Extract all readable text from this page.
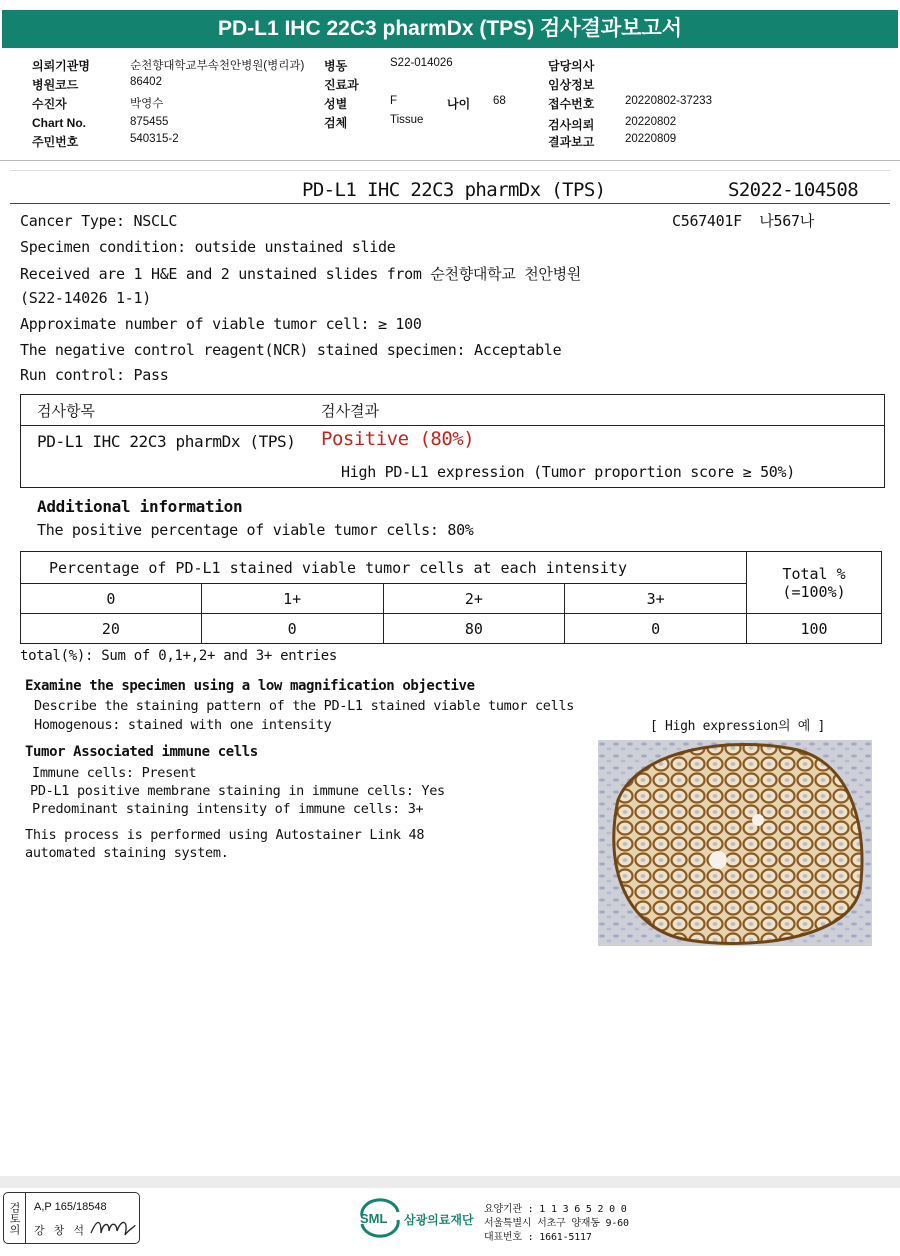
PD-L1 IHC 22C3 pharmDx (TPS) 검사결과보고서
의뢰기관명	순천향대학교부속천안병원(병리과) 병동	S22-014026	담당의사
병원코드	86402	진료과	임상정보
수진자	박영수	성별	F	나이 68	접수번호	20220802-37233
Chart No.	875455	검체	Tissue	검사의뢰	20220802
주민번호	540315-2	결과보고	20220809
PD-L1 IHC 22C3 pharmDx (TPS)	S2022-104508
C567401F  나567나
Cancer Type: NSCLC
Specimen condition: outside unstained slide
Received are 1 H&E and 2 unstained slides from 순천향대학교 천안병원
(S22-14026 1-1)
Approximate number of viable tumor cell: ≥ 100
The negative control reagent(NCR) stained specimen: Acceptable
Run control: Pass
검사항목	검사결과
PD-L1 IHC 22C3 pharmDx (TPS) Positive (80%)
High PD-L1 expression (Tumor proportion score ≥ 50%)
Additional information
The positive percentage of viable tumor cells: 80%
Percentage of PD-L1 stained viable tumor cells at each intensity				Total %
(=100%)

0	1+	2+	3+	
20	0	80	0	100
total(%): Sum of 0,1+,2+ and 3+ entries
Examine the specimen using a low magnification objective
Describe the staining pattern of the PD-L1 stained viable tumor cells
Homogenous: stained with one intensity
Tumor Associated immune cells
Immune cells: Present
PD-L1 positive membrane staining in immune cells: Yes
Predominant staining intensity of immune cells: 3+
This process is performed using Autostainer Link 48
automated staining system.
[ High expression의 예 ]
검토의	A,P 165/18548
강 창 석
SML 삼광의료재단
요양기관 : 1 1 3 6 5 2 0 0
서울특별시 서초구 양재동 9-60
대표번호 : 1661-5117
